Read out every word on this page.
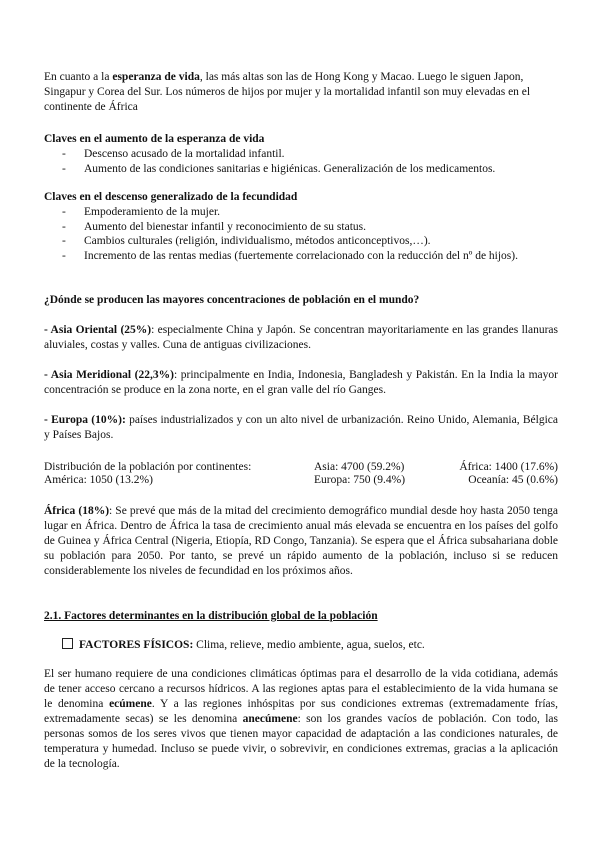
En cuanto a la esperanza de vida, las más altas son las de Hong Kong y Macao. Luego le siguen Japon, Singapur y Corea del Sur. Los números de hijos por mujer y la mortalidad infantil son muy elevadas en el continente de África

Claves en el aumento de la esperanza de vida

- Descenso acusado de la mortalidad infantil.
- Aumento de las condiciones sanitarias e higiénicas. Generalización de los medicamentos.

Claves en el descenso generalizado de la fecundidad

- Empoderamiento de la mujer.
- Aumento del bienestar infantil y reconocimiento de su status.
- Cambios culturales (religión, individualismo, métodos anticonceptivos,…).
- Incremento de las rentas medias (fuertemente correlacionado con la reducción del nº de hijos).

¿Dónde se producen las mayores concentraciones de población en el mundo?

- Asia Oriental (25%): especialmente China y Japón. Se concentran mayoritariamente en las grandes llanuras aluviales, costas y valles. Cuna de antiguas civilizaciones.

- Asia Meridional (22,3%): principalmente en India, Indonesia, Bangladesh y Pakistán. En la India la mayor concentración se produce en la zona norte, en el gran valle del río Ganges.

- Europa (10%): países industrializados y con un alto nivel de urbanización. Reino Unido, Alemania, Bélgica y Países Bajos.

Distribución de la población por continentes:	Asia: 4700 (59.2%)	África: 1400 (17.6%)
América: 1050 (13.2%)	Europa: 750 (9.4%)	Oceanía: 45 (0.6%)

África (18%): Se prevé que más de la mitad del crecimiento demográfico mundial desde hoy hasta 2050 tenga lugar en África. Dentro de África la tasa de crecimiento anual más elevada se encuentra en los países del golfo de Guinea y África Central (Nigeria, Etiopía, RD Congo, Tanzania). Se espera que el África subsahariana doble su población para 2050. Por tanto, se prevé un rápido aumento de la población, incluso si se reducen considerablemente los niveles de fecundidad en los próximos años.

2.1. Factores determinantes en la distribución global de la población

FACTORES FÍSICOS: Clima, relieve, medio ambiente, agua, suelos, etc.

El ser humano requiere de una condiciones climáticas óptimas para el desarrollo de la vida cotidiana, además de tener acceso cercano a recursos hídricos. A las regiones aptas para el establecimiento de la vida humana se le denomina ecúmene. Y a las regiones inhóspitas por sus condiciones extremas (extremadamente frías, extremadamente secas) se les denomina anecúmene: son los grandes vacíos de población. Con todo, las personas somos de los seres vivos que tienen mayor capacidad de adaptación a las condiciones naturales, de temperatura y humedad. Incluso se puede vivir, o sobrevivir, en condiciones extremas, gracias a la aplicación de la tecnología.
